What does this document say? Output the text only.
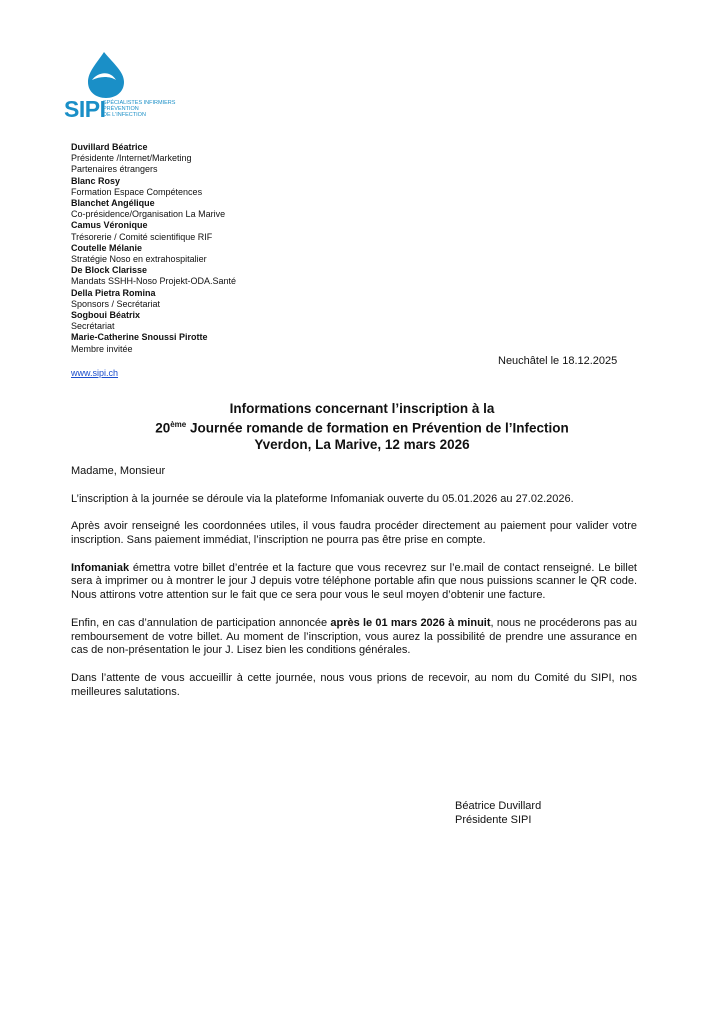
SIPI
SPÉCIALISTES INFIRMIERS
PRÉVENTION
DE L'INFECTION
Duvillard Béatrice
Présidente /Internet/Marketing
Partenaires étrangers
Blanc Rosy
Formation Espace Compétences
Blanchet Angélique
Co-présidence/Organisation La Marive
Camus Véronique
Trésorerie / Comité scientifique RIF
Coutelle Mélanie
Stratégie Noso en extrahospitalier
De Block Clarisse
Mandats SSHH-Noso Projekt-ODA.Santé
Della Pietra Romina
Sponsors / Secrétariat
Sogboui Béatrix
Secrétariat
Marie-Catherine Snoussi Pirotte
Membre invitée
Neuchâtel le 18.12.2025
www.sipi.ch
Informations concernant l’inscription à la
20ème Journée romande de formation en Prévention de l’Infection
Yverdon, La Marive, 12 mars 2026

Madame, Monsieur

L’inscription à la journée se déroule via la plateforme Infomaniak ouverte du 05.01.2026 au 27.02.2026.

Après avoir renseigné les coordonnées utiles, il vous faudra procéder directement au paiement pour valider votre inscription. Sans paiement immédiat, l’inscription ne pourra pas être prise en compte.

Infomaniak émettra votre billet d’entrée et la facture que vous recevrez sur l’e.mail de contact renseigné. Le billet sera à imprimer ou à montrer le jour J depuis votre téléphone portable afin que nous puissions scanner le QR code. Nous attirons votre attention sur le fait que ce sera pour vous le seul moyen d’obtenir une facture.

Enfin, en cas d’annulation de participation annoncée après le 01 mars 2026 à minuit, nous ne procéderons pas au remboursement de votre billet. Au moment de l’inscription, vous aurez la possibilité de prendre une assurance en cas de non-présentation le jour J. Lisez bien les conditions générales.

Dans l’attente de vous accueillir à cette journée, nous vous prions de recevoir, au nom du Comité du SIPI, nos meilleures salutations.

Béatrice Duvillard
Présidente SIPI
